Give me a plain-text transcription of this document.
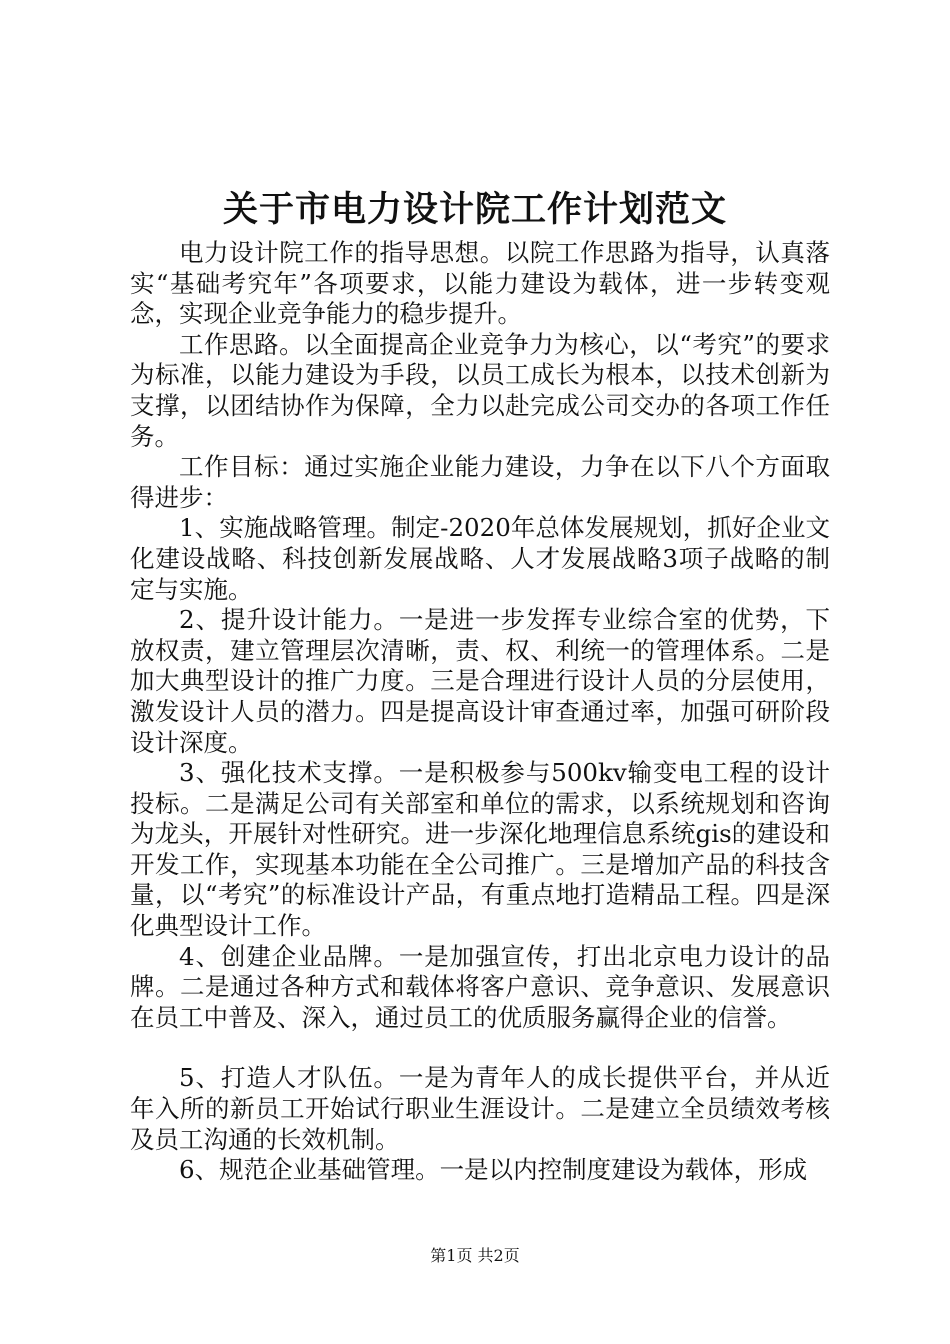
关于市电力设计院工作计划范文

电力设计院工作的指导思想。以院工作思路为指导，认真落实“基础考究年”各项要求，以能力建设为载体，进一步转变观念，实现企业竞争能力的稳步提升。

工作思路。以全面提高企业竞争力为核心，以“考究”的要求为标准，以能力建设为手段，以员工成长为根本，以技术创新为支撑，以团结协作为保障，全力以赴完成公司交办的各项工作任务。

工作目标：通过实施企业能力建设，力争在以下八个方面取得进步：

1、实施战略管理。制定-2020年总体发展规划，抓好企业文化建设战略、科技创新发展战略、人才发展战略3项子战略的制定与实施。

2、提升设计能力。一是进一步发挥专业综合室的优势，下放权责，建立管理层次清晰，责、权、利统一的管理体系。二是加大典型设计的推广力度。三是合理进行设计人员的分层使用，激发设计人员的潜力。四是提高设计审查通过率，加强可研阶段设计深度。

3、强化技术支撑。一是积极参与500kv输变电工程的设计投标。二是满足公司有关部室和单位的需求，以系统规划和咨询为龙头，开展针对性研究。进一步深化地理信息系统gis的建设和开发工作，实现基本功能在全公司推广。三是增加产品的科技含量，以“考究”的标准设计产品，有重点地打造精品工程。四是深化典型设计工作。

4、创建企业品牌。一是加强宣传，打出北京电力设计的品牌。二是通过各种方式和载体将客户意识、竞争意识、发展意识在员工中普及、深入，通过员工的优质服务赢得企业的信誉。

5、打造人才队伍。一是为青年人的成长提供平台，并从近年入所的新员工开始试行职业生涯设计。二是建立全员绩效考核及员工沟通的长效机制。

6、规范企业基础管理。一是以内控制度建设为载体，形成

第1页 共2页
